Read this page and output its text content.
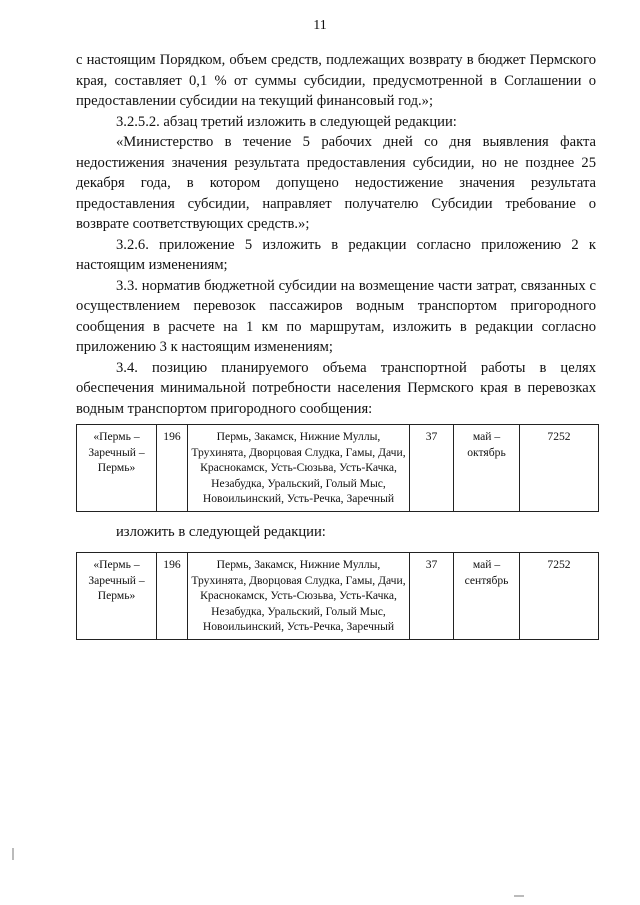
11

с настоящим Порядком, объем средств, подлежащих возврату в бюджет Пермского края, составляет 0,1 % от суммы субсидии, предусмотренной в Соглашении о предоставлении субсидии на текущий финансовый год.»;

3.2.5.2. абзац третий изложить в следующей редакции:

«Министерство в течение 5 рабочих дней со дня выявления факта недостижения значения результата предоставления субсидии, но не позднее 25 декабря года, в котором допущено недостижение значения результата предоставления субсидии, направляет получателю Субсидии требование о возврате соответствующих средств.»;

3.2.6. приложение 5 изложить в редакции согласно приложению 2 к настоящим изменениям;

3.3. норматив бюджетной субсидии на возмещение части затрат, связанных с осуществлением перевозок пассажиров водным транспортом пригородного сообщения в расчете на 1 км по маршрутам, изложить в редакции согласно приложению 3 к настоящим изменениям;

3.4. позицию планируемого объема транспортной работы в целях обеспечения минимальной потребности населения Пермского края в перевозках водным транспортом пригородного сообщения:

«Пермь – Заречный – Пермь»	196	Пермь, Закамск, Нижние Муллы, Трухинята, Дворцовая Слудка, Гамы, Дачи, Краснокамск, Усть-Сюзьва, Усть-Качка, Незабудка, Уральский, Голый Мыс, Новоильинский, Усть-Речка, Заречный	37	май – октябрь	7252
изложить в следующей редакции:
«Пермь – Заречный – Пермь»	196	Пермь, Закамск, Нижние Муллы, Трухинята, Дворцовая Слудка, Гамы, Дачи, Краснокамск, Усть-Сюзьва, Усть-Качка, Незабудка, Уральский, Голый Мыс, Новоильинский, Усть-Речка, Заречный	37	май – сентябрь	7252
